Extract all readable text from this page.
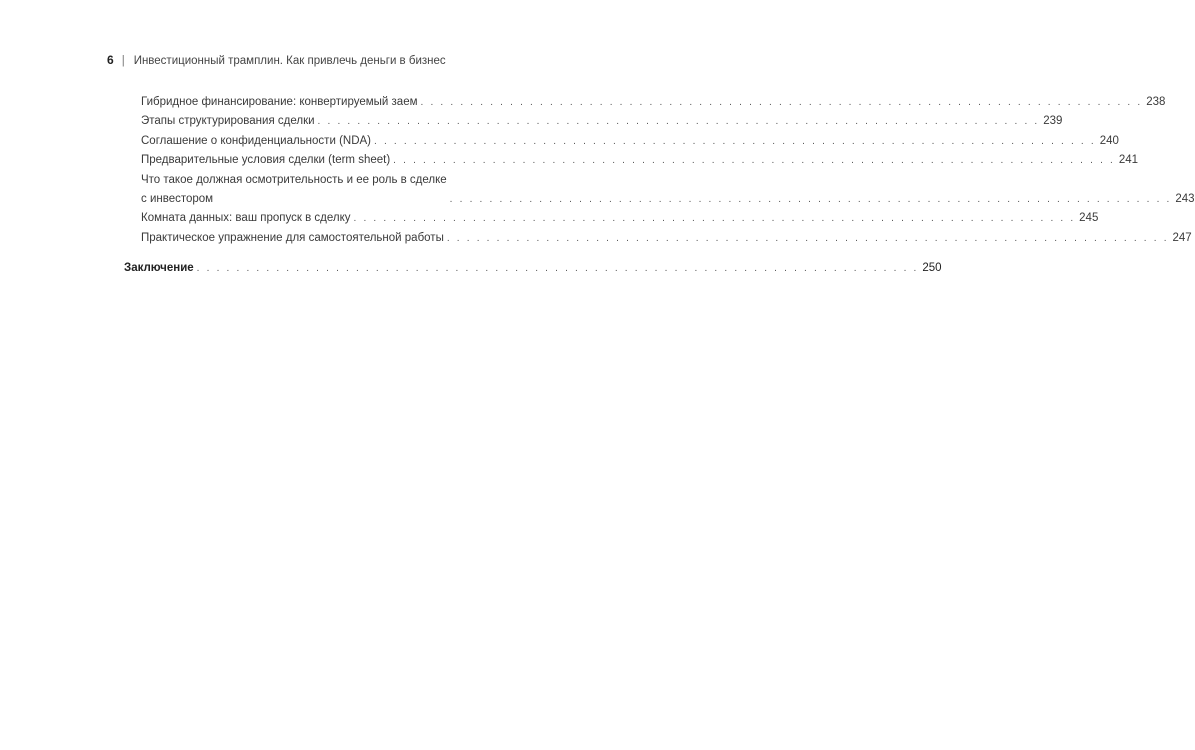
6 | Инвестиционный трамплин. Как привлечь деньги в бизнес
Гибридное финансирование: конвертируемый заем . . . . . . . . . . . . . . . . . . . . . . . . . . . . . . . . . . . . . . . . . . . . . . . . . . . . . . . . . . . . . . . . . . . . . . . . . 238
Этапы структурирования сделки . . . . . . . . . . . . . . . . . . . . . . . . . . . . . . . . . . . . . . . . . . . . . . . . . . . . . . . . . . . . . . . . . . . . . . . . . 239
Соглашение о конфиденциальности (NDA) . . . . . . . . . . . . . . . . . . . . . . . . . . . . . . . . . . . . . . . . . . . . . . . . . . . . . . . . . . . . . . . . . . . . . . . . . 240
Предварительные условия сделки (term sheet) . . . . . . . . . . . . . . . . . . . . . . . . . . . . . . . . . . . . . . . . . . . . . . . . . . . . . . . . . . . . . . . . . . . . . . . . . 241
Что такое должная осмотрительность и ее роль в сделке
с инвестором	. . . . . . . . . . . . . . . . . . . . . . . . . . . . . . . . . . . . . . . . . . . . . . . . . . . . . . . . . . . . . . . . . . . . . . . . . 243
Комната данных: ваш пропуск в сделку . . . . . . . . . . . . . . . . . . . . . . . . . . . . . . . . . . . . . . . . . . . . . . . . . . . . . . . . . . . . . . . . . . . . . . . . . 245
Практическое упражнение для самостоятельной работы . . . . . . . . . . . . . . . . . . . . . . . . . . . . . . . . . . . . . . . . . . . . . . . . . . . . . . . . . . . . . . . . . . . . . . . . . 247
Заключение . . . . . . . . . . . . . . . . . . . . . . . . . . . . . . . . . . . . . . . . . . . . . . . . . . . . . . . . . . . . . . . . . . . . . . . . . 250
